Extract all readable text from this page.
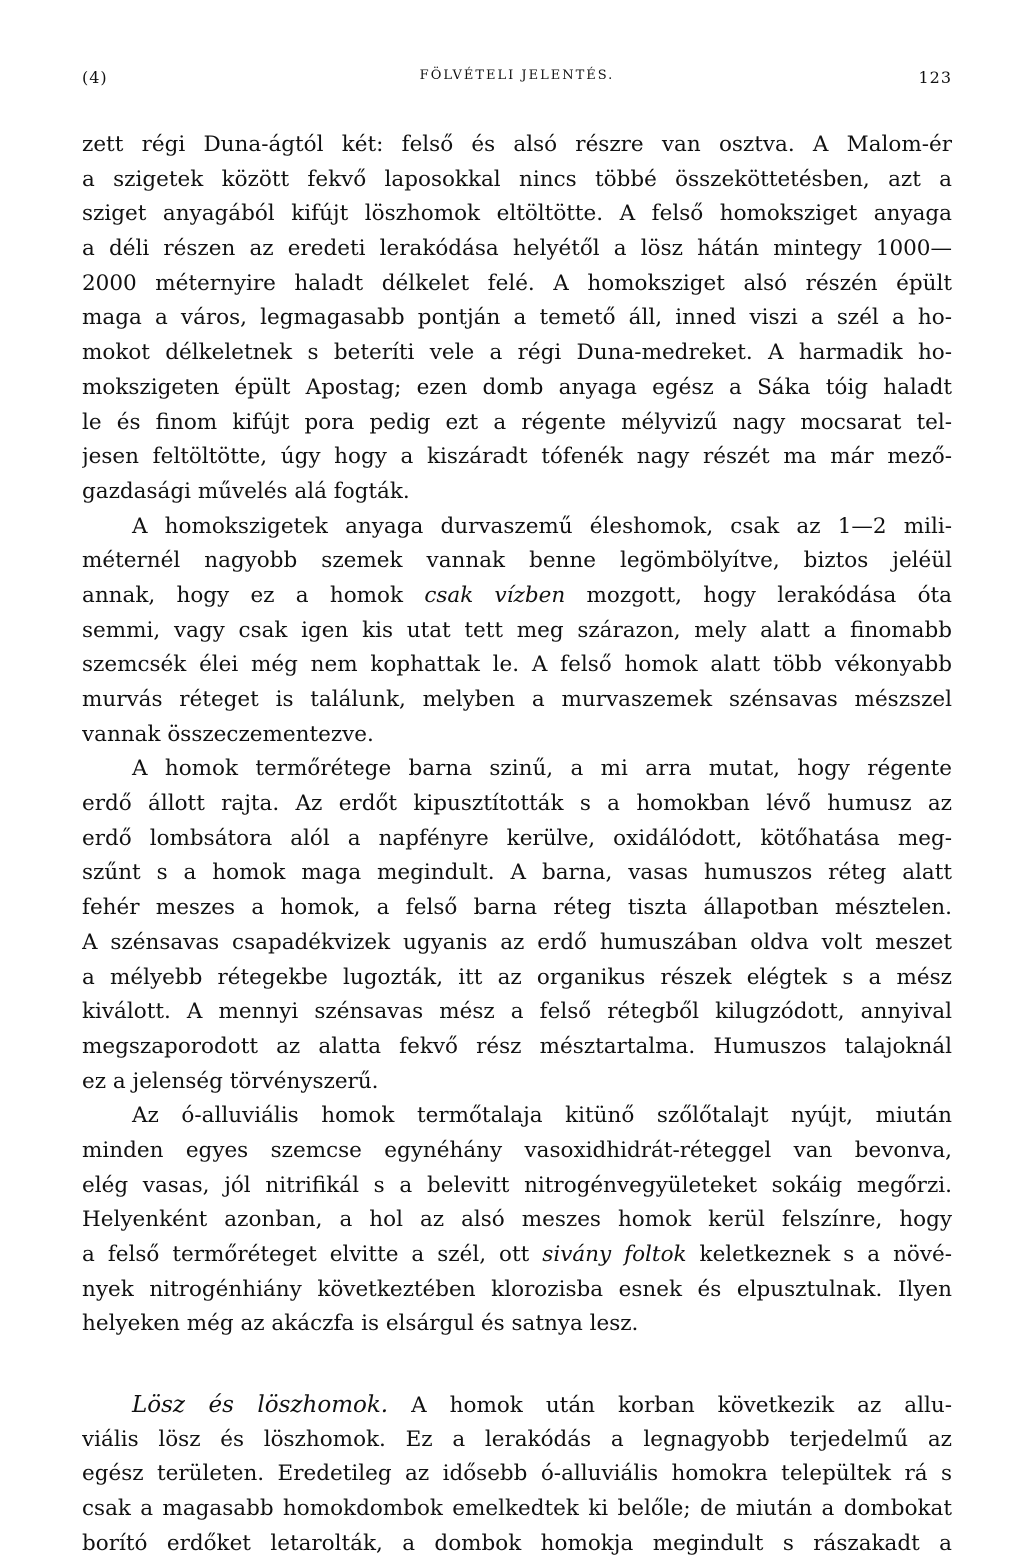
(4)	FÖLVÉTELI JELENTÉS.	123
zett régi Duna-ágtól két: felső és alsó részre van osztva. A Malom-ér
a szigetek között fekvő laposokkal nincs többé összeköttetésben, azt a
sziget anyagából kifújt löszhomok eltöltötte. A felső homoksziget anyaga
a déli részen az eredeti lerakódása helyétől a lösz hátán mintegy 1000—
2000 méternyire haladt délkelet felé. A homoksziget alsó részén épült
maga a város, legmagasabb pontján a temető áll, inned viszi a szél a ho-
mokot délkeletnek s beteríti vele a régi Duna-medreket. A harmadik ho-
mokszigeten épült Apostag; ezen domb anyaga egész a Sáka tóig haladt
le és finom kifújt pora pedig ezt a régente mélyvizű nagy mocsarat tel-
jesen feltöltötte, úgy hogy a kiszáradt tófenék nagy részét ma már mező-
gazdasági művelés alá fogták.
A homokszigetek anyaga durvaszemű éleshomok, csak az 1—2 mili-
méternél nagyobb szemek vannak benne legömbölyítve, biztos jeléül
annak, hogy ez a homok csak vízben mozgott, hogy lerakódása óta
semmi, vagy csak igen kis utat tett meg szárazon, mely alatt a finomabb
szemcsék élei még nem kophattak le. A felső homok alatt több vékonyabb
murvás réteget is találunk, melyben a murvaszemek szénsavas mészszel
vannak összeczementezve.
A homok termőrétege barna szinű, a mi arra mutat, hogy régente
erdő állott rajta. Az erdőt kipusztították s a homokban lévő humusz az
erdő lombsátora alól a napfényre kerülve, oxidálódott, kötőhatása meg-
szűnt s a homok maga megindult. A barna, vasas humuszos réteg alatt
fehér meszes a homok, a felső barna réteg tiszta állapotban mésztelen.
A szénsavas csapadékvizek ugyanis az erdő humuszában oldva volt meszet
a mélyebb rétegekbe lugozták, itt az organikus részek elégtek s a mész
kiválott. A mennyi szénsavas mész a felső rétegből kilugzódott, annyival
megszaporodott az alatta fekvő rész mésztartalma. Humuszos talajoknál
ez a jelenség törvényszerű.
Az ó-alluviális homok termőtalaja kitünő szőlőtalajt nyújt, miután
minden egyes szemcse egynéhány vasoxidhidrát-réteggel van bevonva,
elég vasas, jól nitrifikál s a belevitt nitrogénvegyületeket sokáig megőrzi.
Helyenként azonban, a hol az alsó meszes homok kerül felszínre, hogy
a felső termőréteget elvitte a szél, ott sivány foltok keletkeznek s a növé-
nyek nitrogénhiány következtében klorozisba esnek és elpusztulnak. Ilyen
helyeken még az akáczfa is elsárgul és satnya lesz.
Lösz és löszhomok. A homok után korban következik az allu-
viális lösz és löszhomok. Ez a lerakódás a legnagyobb terjedelmű az
egész területen. Eredetileg az idősebb ó-alluviális homokra települtek rá s
csak a magasabb homokdombok emelkedtek ki belőle; de miután a dombokat
borító erdőket letarolták, a dombok homokja megindult s rászakadt a
